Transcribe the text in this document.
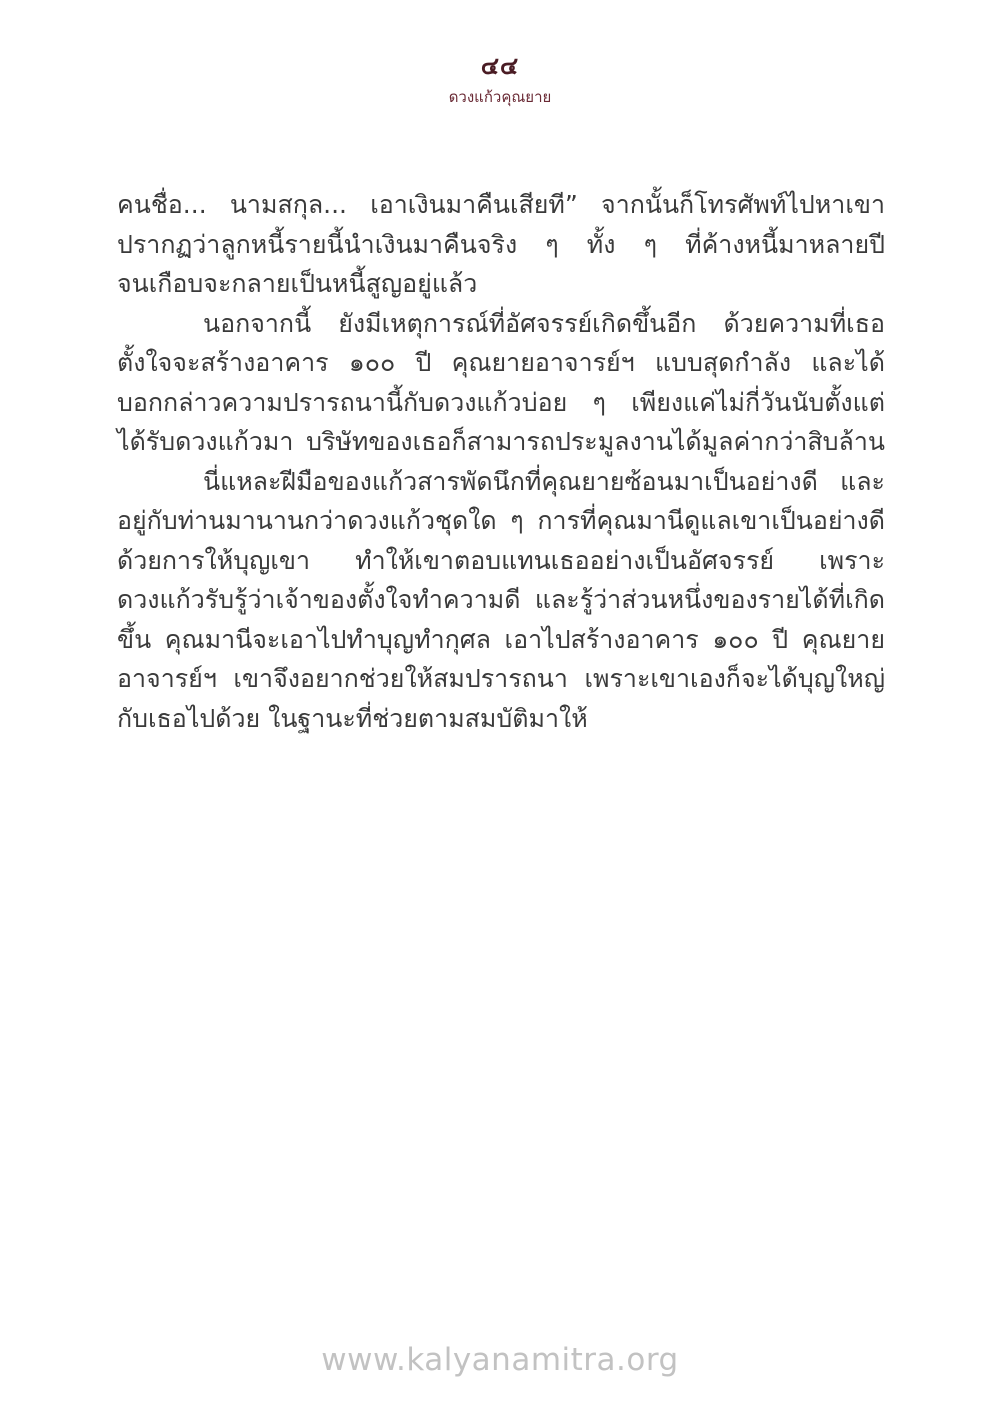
๔๔
ดวงแก้วคุณยาย
คนชื่อ... นามสกุล... เอาเงินมาคืนเสียที” จากนั้นก็โทรศัพท์ไปหาเขา
ปรากฏว่าลูกหนี้รายนี้นำเงินมาคืนจริง ๆ ทั้ง ๆ ที่ค้างหนี้มาหลายปี
จนเกือบจะกลายเป็นหนี้สูญอยู่แล้ว
นอกจากนี้ ยังมีเหตุการณ์ที่อัศจรรย์เกิดขึ้นอีก ด้วยความที่เธอ
ตั้งใจจะสร้างอาคาร ๑๐๐ ปี คุณยายอาจารย์ฯ แบบสุดกำลัง และได้
บอกกล่าวความปรารถนานี้กับดวงแก้วบ่อย ๆ เพียงแค่ไม่กี่วันนับตั้งแต่
ได้รับดวงแก้วมา บริษัทของเธอก็สามารถประมูลงานได้มูลค่ากว่าสิบล้าน
นี่แหละฝีมือของแก้วสารพัดนึกที่คุณยายซ้อนมาเป็นอย่างดี และ
อยู่กับท่านมานานกว่าดวงแก้วชุดใด ๆ การที่คุณมานีดูแลเขาเป็นอย่างดี
ด้วยการให้บุญเขา ทำให้เขาตอบแทนเธออย่างเป็นอัศจรรย์ เพราะ
ดวงแก้วรับรู้ว่าเจ้าของตั้งใจทำความดี และรู้ว่าส่วนหนึ่งของรายได้ที่เกิด
ขึ้น คุณมานีจะเอาไปทำบุญทำกุศล เอาไปสร้างอาคาร ๑๐๐ ปี คุณยาย
อาจารย์ฯ เขาจึงอยากช่วยให้สมปรารถนา เพราะเขาเองก็จะได้บุญใหญ่
กับเธอไปด้วย ในฐานะที่ช่วยตามสมบัติมาให้
www.kalyanamitra.org
